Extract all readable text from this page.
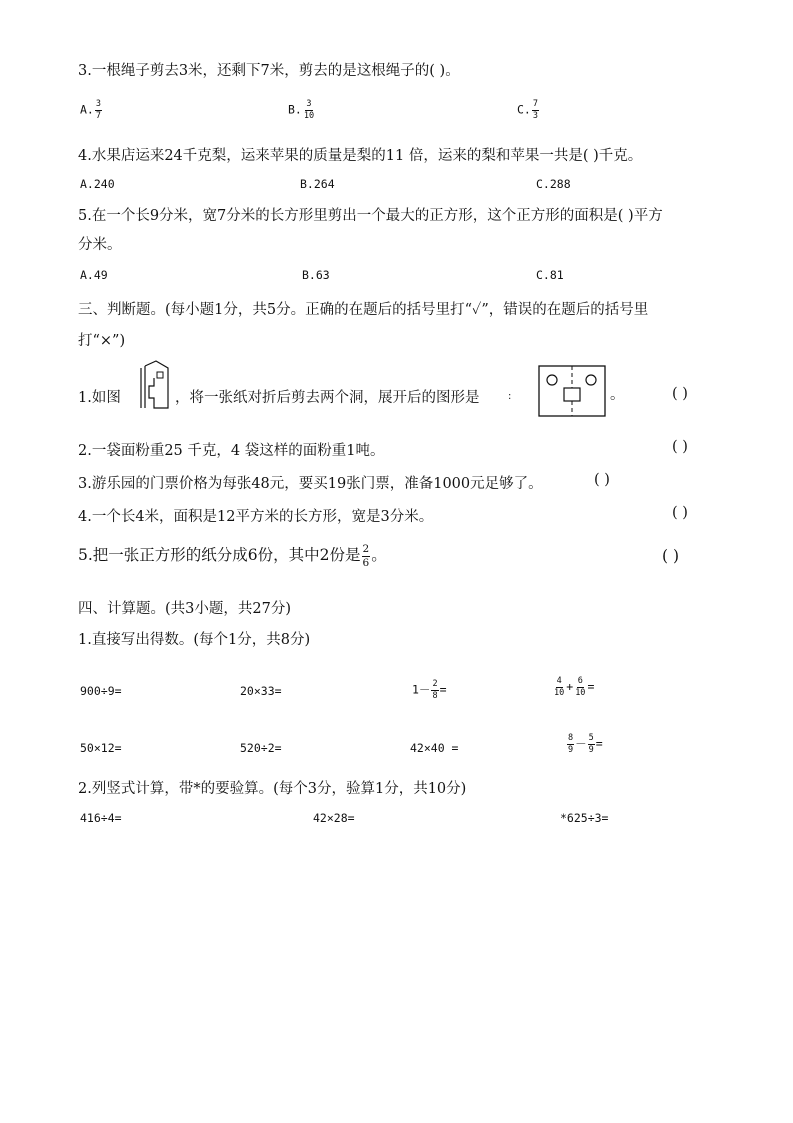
3.一根绳子剪去3米，还剩下7米，剪去的是这根绳子的( )。
A. $\frac{3}{7}$	B. $\frac{3}{10}$	C. $\frac{7}{3}$
4.水果店运来24千克梨，运来苹果的质量是梨的11 倍，运来的梨和苹果一共是( )千克。
A.240	B.264	C.288
5.在一个长9分米，宽7分米的长方形里剪出一个最大的正方形，这个正方形的面积是( )平方
分米。
A.49	B.63	C.81
三、判断题。(每小题1分，共5分。正确的在题后的括号里打“✓”，错误的在题后的括号里
打“×”)
1.如图	，将一张纸对折后剪去两个洞，展开后的图形是	:	。	( )
2.一袋面粉重25 千克，4 袋这样的面粉重1吨。	( )
3.游乐园的门票价格为每张48元，要买19张门票，准备1000元足够了。	( )
4.一个长4米，面积是12平方米的长方形，宽是3分米。	( )
5.把一张正方形的纸分成6份，其中2份是 $\frac{2}{6}$ 。	( )
四、计算题。(共3小题，共27分)
1.直接写出得数。(每个1分，共8分)
900÷9=	20×33=	$1- \frac{2}{8}$ =	$\frac{4}{10} + \frac{6}{10}$ =
50×12=	520÷2=	42×40 =	$\frac{8}{9} - \frac{5}{9}$ =
2.列竖式计算，带*的要验算。(每个3分，验算1分，共10分)
416÷4=	42×28=	*625÷3=
